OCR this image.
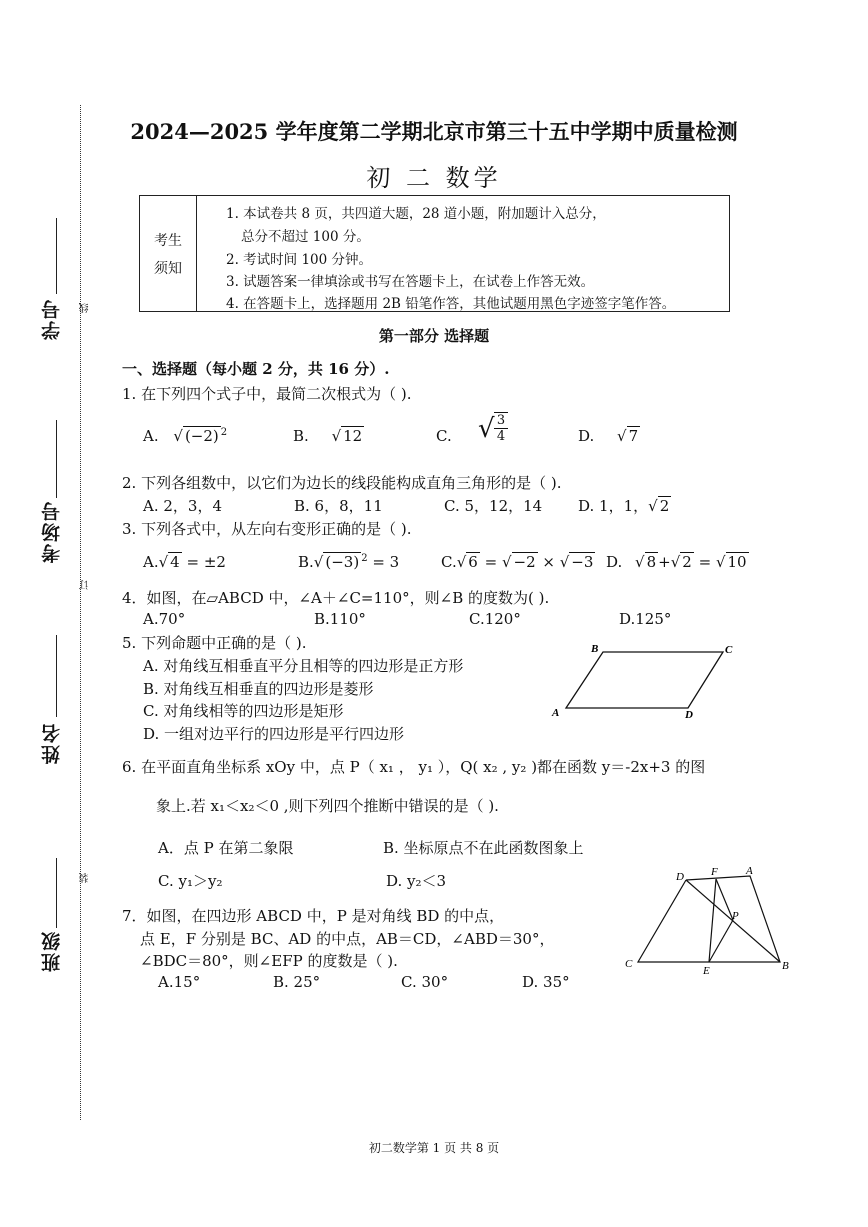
学号 线
考场号
订
姓名
装
班级
2024—2025 学年度第二学期北京市第三十五中学期中质量检测
初 二 数学
考生
须知
1. 本试卷共 8 页，共四道大题，28 道小题，附加题计入总分，
总分不超过 100 分。
2. 考试时间 100 分钟。
3. 试题答案一律填涂或书写在答题卡上，在试卷上作答无效。
4. 在答题卡上，选择题用 2B 铅笔作答，其他试题用黑色字迹签字笔作答。
第一部分 选择题
一、选择题（每小题 2 分，共 16 分）.
1. 在下列四个式子中，最简二次根式为（ ).
A. √ (−2) $^2$	B. √ 12	C. √ 3
4	D. √ 7
2. 下列各组数中，以它们为边长的线段能构成直角三角形的是（ ).
A. 2，3，4	B. 6，8，11	C. 5，12，14 D. 1，1，√ 2
3. 下列各式中，从左向右变形正确的是（ ).
A.√ 4 = ±2	B.√ (−3) $^2$ = 3	C.√ 6 = √ −2 × √ −3 D. √ 8 +√ 2 = √ 10
4．如图，在▱ABCD 中，∠A＋∠C=110°，则∠B 的度数为( ).
A.70°	B.110°	C.120°	D.125°
5. 下列命题中正确的是（ ).
A. 对角线互相垂直平分且相等的四边形是正方形
B. 对角线互相垂直的四边形是菱形
C. 对角线相等的四边形是矩形
D. 一组对边平行的四边形是平行四边形
B	C
A	D
6. 在平面直角坐标系 xOy 中，点 P（ x₁ ， y₁ ），Q( x₂ , y₂ )都在函数 y＝-2x+3 的图
象上.若 x₁＜x₂＜0 ,则下列四个推断中错误的是（ ).
A．点 P 在第二象限	B. 坐标原点不在此函数图象上
C. y₁＞y₂	D. y₂＜3
7．如图，在四边形 ABCD 中，P 是对角线 BD 的中点，
点 E，F 分别是 BC、AD 的中点，AB＝CD，∠ABD＝30°，
∠BDC＝80°，则∠EFP 的度数是（ ).
A.15°	B. 25°	C. 30°	D. 35°
D F	A
P
C
E	B
初二数学第 1 页 共 8 页
